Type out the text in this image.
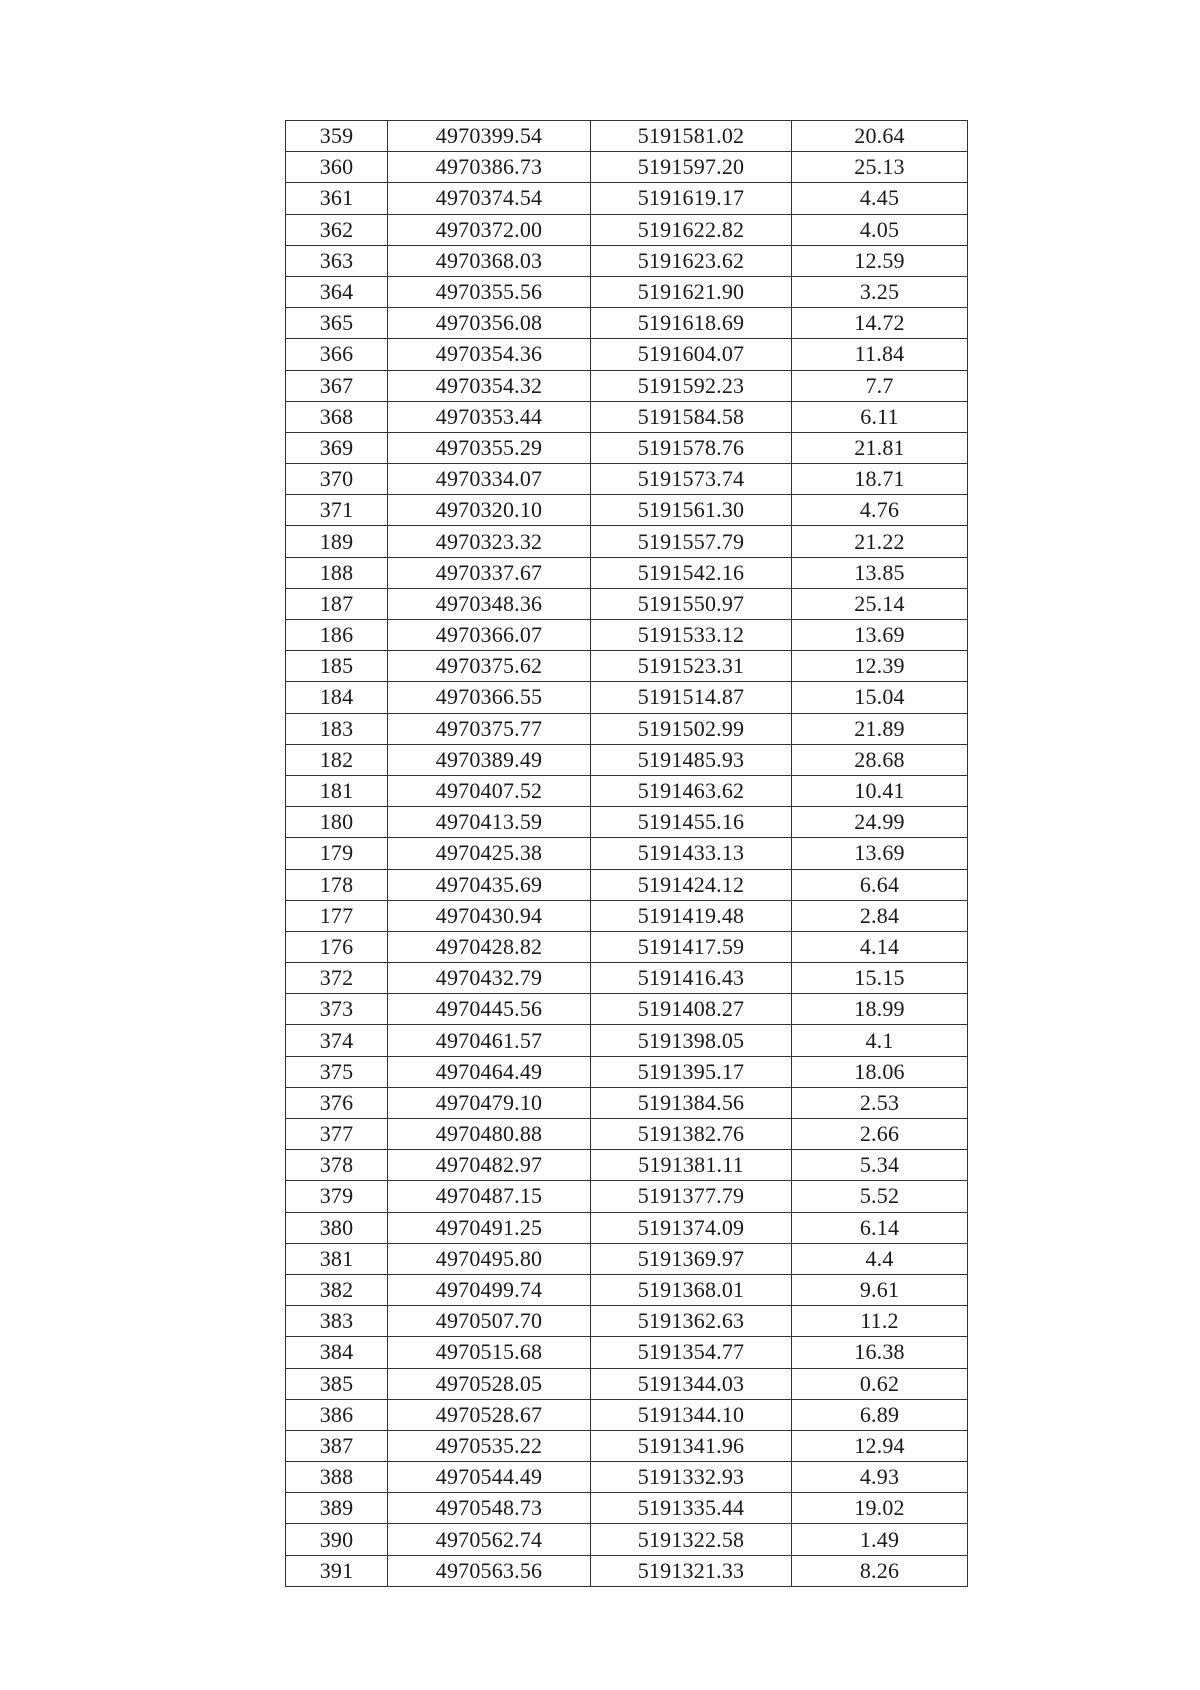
359	4970399.54	5191581.02	20.64
360	4970386.73	5191597.20	25.13
361	4970374.54	5191619.17	4.45
362	4970372.00	5191622.82	4.05
363	4970368.03	5191623.62	12.59
364	4970355.56	5191621.90	3.25
365	4970356.08	5191618.69	14.72
366	4970354.36	5191604.07	11.84
367	4970354.32	5191592.23	7.7
368	4970353.44	5191584.58	6.11
369	4970355.29	5191578.76	21.81
370	4970334.07	5191573.74	18.71
371	4970320.10	5191561.30	4.76
189	4970323.32	5191557.79	21.22
188	4970337.67	5191542.16	13.85
187	4970348.36	5191550.97	25.14
186	4970366.07	5191533.12	13.69
185	4970375.62	5191523.31	12.39
184	4970366.55	5191514.87	15.04
183	4970375.77	5191502.99	21.89
182	4970389.49	5191485.93	28.68
181	4970407.52	5191463.62	10.41
180	4970413.59	5191455.16	24.99
179	4970425.38	5191433.13	13.69
178	4970435.69	5191424.12	6.64
177	4970430.94	5191419.48	2.84
176	4970428.82	5191417.59	4.14
372	4970432.79	5191416.43	15.15
373	4970445.56	5191408.27	18.99
374	4970461.57	5191398.05	4.1
375	4970464.49	5191395.17	18.06
376	4970479.10	5191384.56	2.53
377	4970480.88	5191382.76	2.66
378	4970482.97	5191381.11	5.34
379	4970487.15	5191377.79	5.52
380	4970491.25	5191374.09	6.14
381	4970495.80	5191369.97	4.4
382	4970499.74	5191368.01	9.61
383	4970507.70	5191362.63	11.2
384	4970515.68	5191354.77	16.38
385	4970528.05	5191344.03	0.62
386	4970528.67	5191344.10	6.89
387	4970535.22	5191341.96	12.94
388	4970544.49	5191332.93	4.93
389	4970548.73	5191335.44	19.02
390	4970562.74	5191322.58	1.49
391	4970563.56	5191321.33	8.26
